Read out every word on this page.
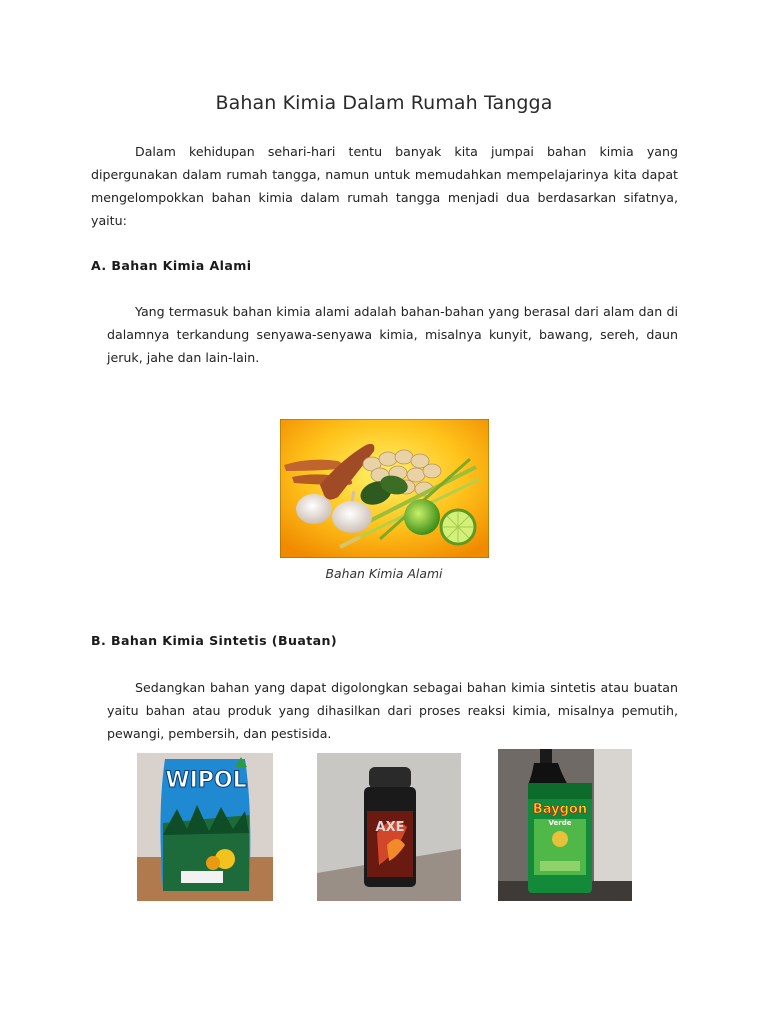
Bahan Kimia Dalam Rumah Tangga
Dalam kehidupan sehari-hari tentu banyak kita jumpai bahan kimia yang dipergunakan dalam rumah tangga, namun untuk memudahkan mempelajarinya kita dapat mengelompokkan bahan kimia dalam rumah tangga menjadi dua berdasarkan sifatnya, yaitu:
A. Bahan Kimia Alami
Yang termasuk bahan kimia alami adalah bahan-bahan yang berasal dari alam dan di dalamnya terkandung senyawa-senyawa kimia, misalnya kunyit, bawang, sereh, daun jeruk, jahe dan lain-lain.
Bahan Kimia Alami
B. Bahan Kimia Sintetis (Buatan)
Sedangkan bahan yang dapat digolongkan sebagai bahan kimia sintetis atau buatan yaitu bahan atau produk yang dihasilkan dari proses reaksi kimia, misalnya pemutih, pewangi, pembersih, dan pestisida.
WIPOL
AXE
Baygon
Verde
